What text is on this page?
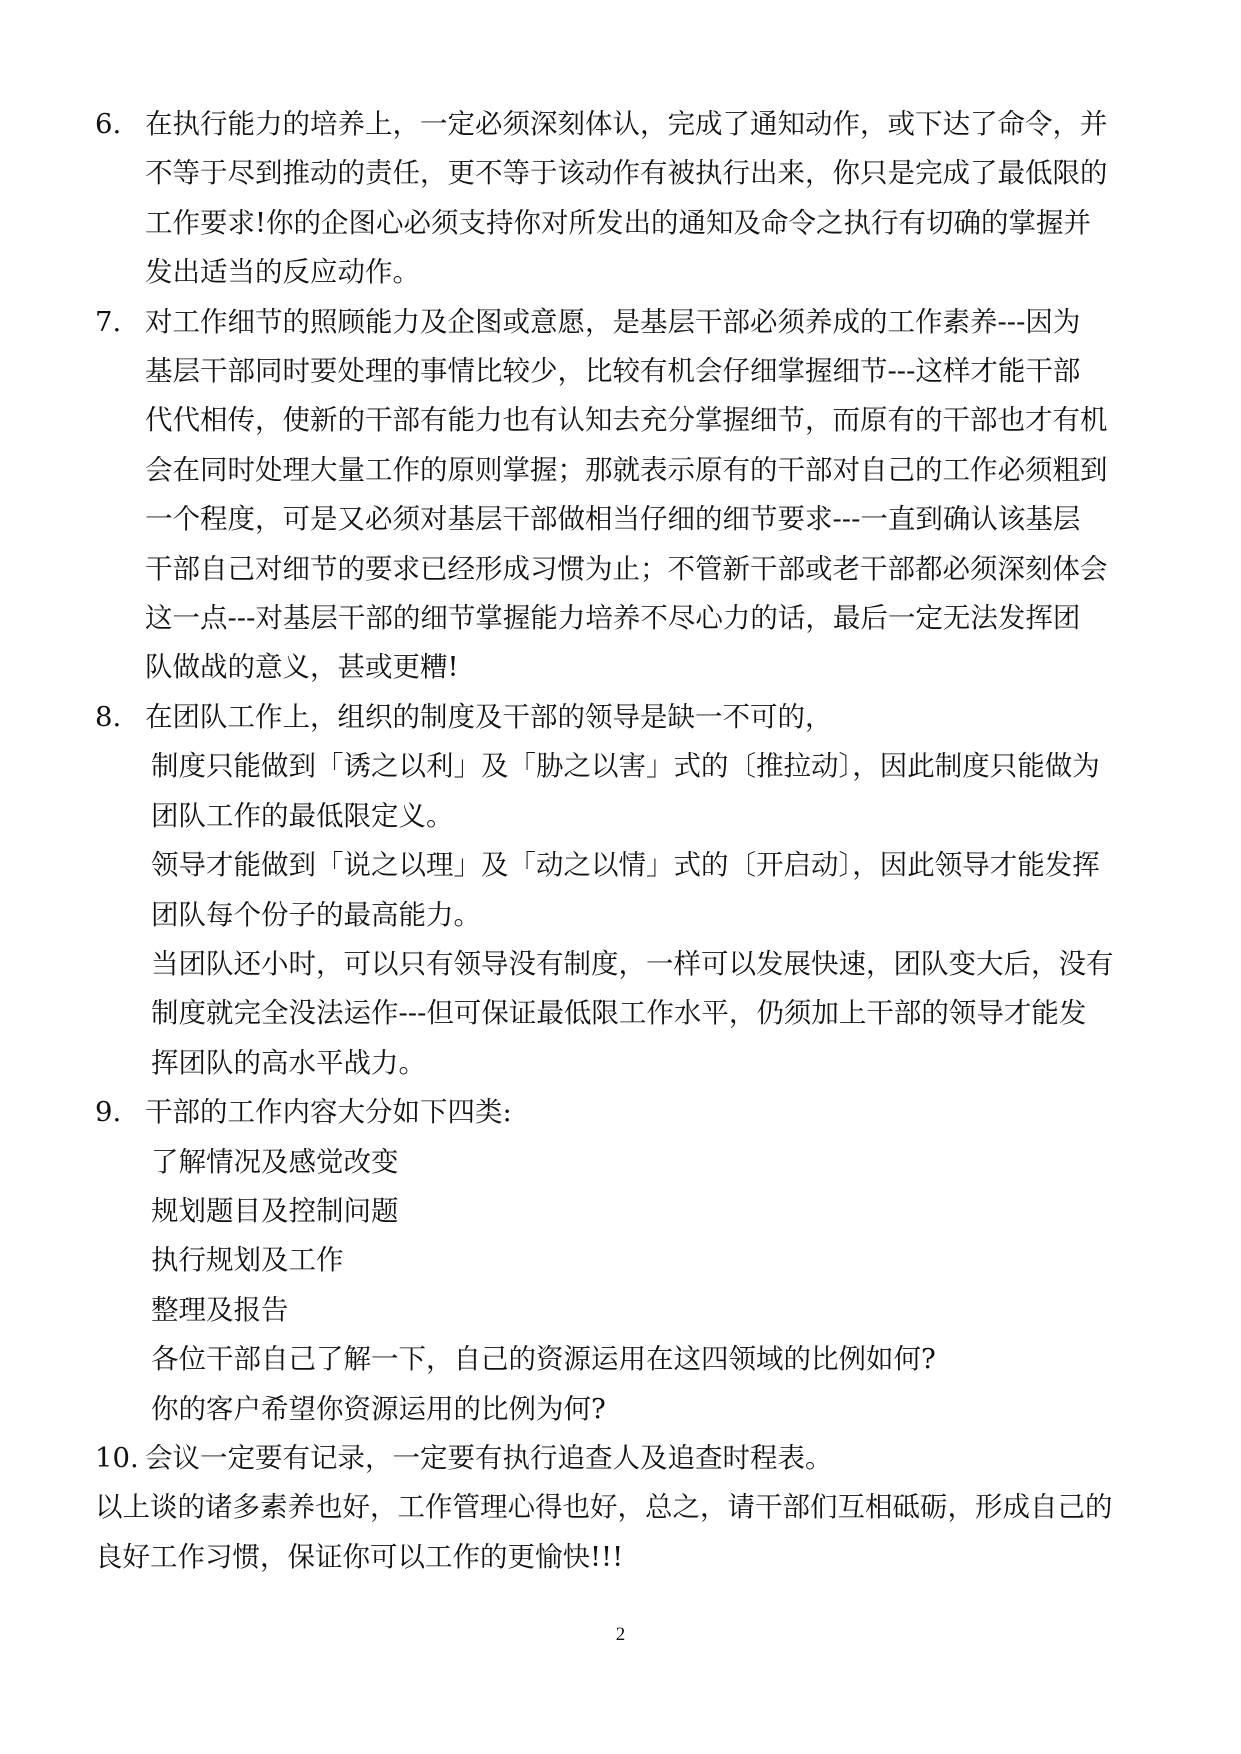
6. 在执行能力的培养上，一定必须深刻体认，完成了通知动作，或下达了命令，并
不等于尽到推动的责任，更不等于该动作有被执行出来，你只是完成了最低限的
工作要求!你的企图心必须支持你对所发出的通知及命令之执行有切确的掌握并
发出适当的反应动作。
7. 对工作细节的照顾能力及企图或意愿，是基层干部必须养成的工作素养---因为
基层干部同时要处理的事情比较少，比较有机会仔细掌握细节---这样才能干部
代代相传，使新的干部有能力也有认知去充分掌握细节，而原有的干部也才有机
会在同时处理大量工作的原则掌握；那就表示原有的干部对自己的工作必须粗到
一个程度，可是又必须对基层干部做相当仔细的细节要求---一直到确认该基层
干部自己对细节的要求已经形成习惯为止；不管新干部或老干部都必须深刻体会
这一点---对基层干部的细节掌握能力培养不尽心力的话，最后一定无法发挥团
队做战的意义，甚或更糟!
8. 在团队工作上，组织的制度及干部的领导是缺一不可的，
制度只能做到「诱之以利」及「胁之以害」式的〔推拉动〕，因此制度只能做为
团队工作的最低限定义。
领导才能做到「说之以理」及「动之以情」式的〔开启动〕，因此领导才能发挥
团队每个份子的最高能力。
当团队还小时，可以只有领导没有制度，一样可以发展快速，团队变大后，没有
制度就完全没法运作---但可保证最低限工作水平，仍须加上干部的领导才能发
挥团队的高水平战力。
9. 干部的工作内容大分如下四类:
了解情况及感觉改变
规划题目及控制问题
执行规划及工作
整理及报告
各位干部自己了解一下，自己的资源运用在这四领域的比例如何?
你的客户希望你资源运用的比例为何?
10. 会议一定要有记录，一定要有执行追查人及追查时程表。
以上谈的诸多素养也好，工作管理心得也好，总之，请干部们互相砥砺，形成自己的
良好工作习惯，保证你可以工作的更愉快!!!
2
